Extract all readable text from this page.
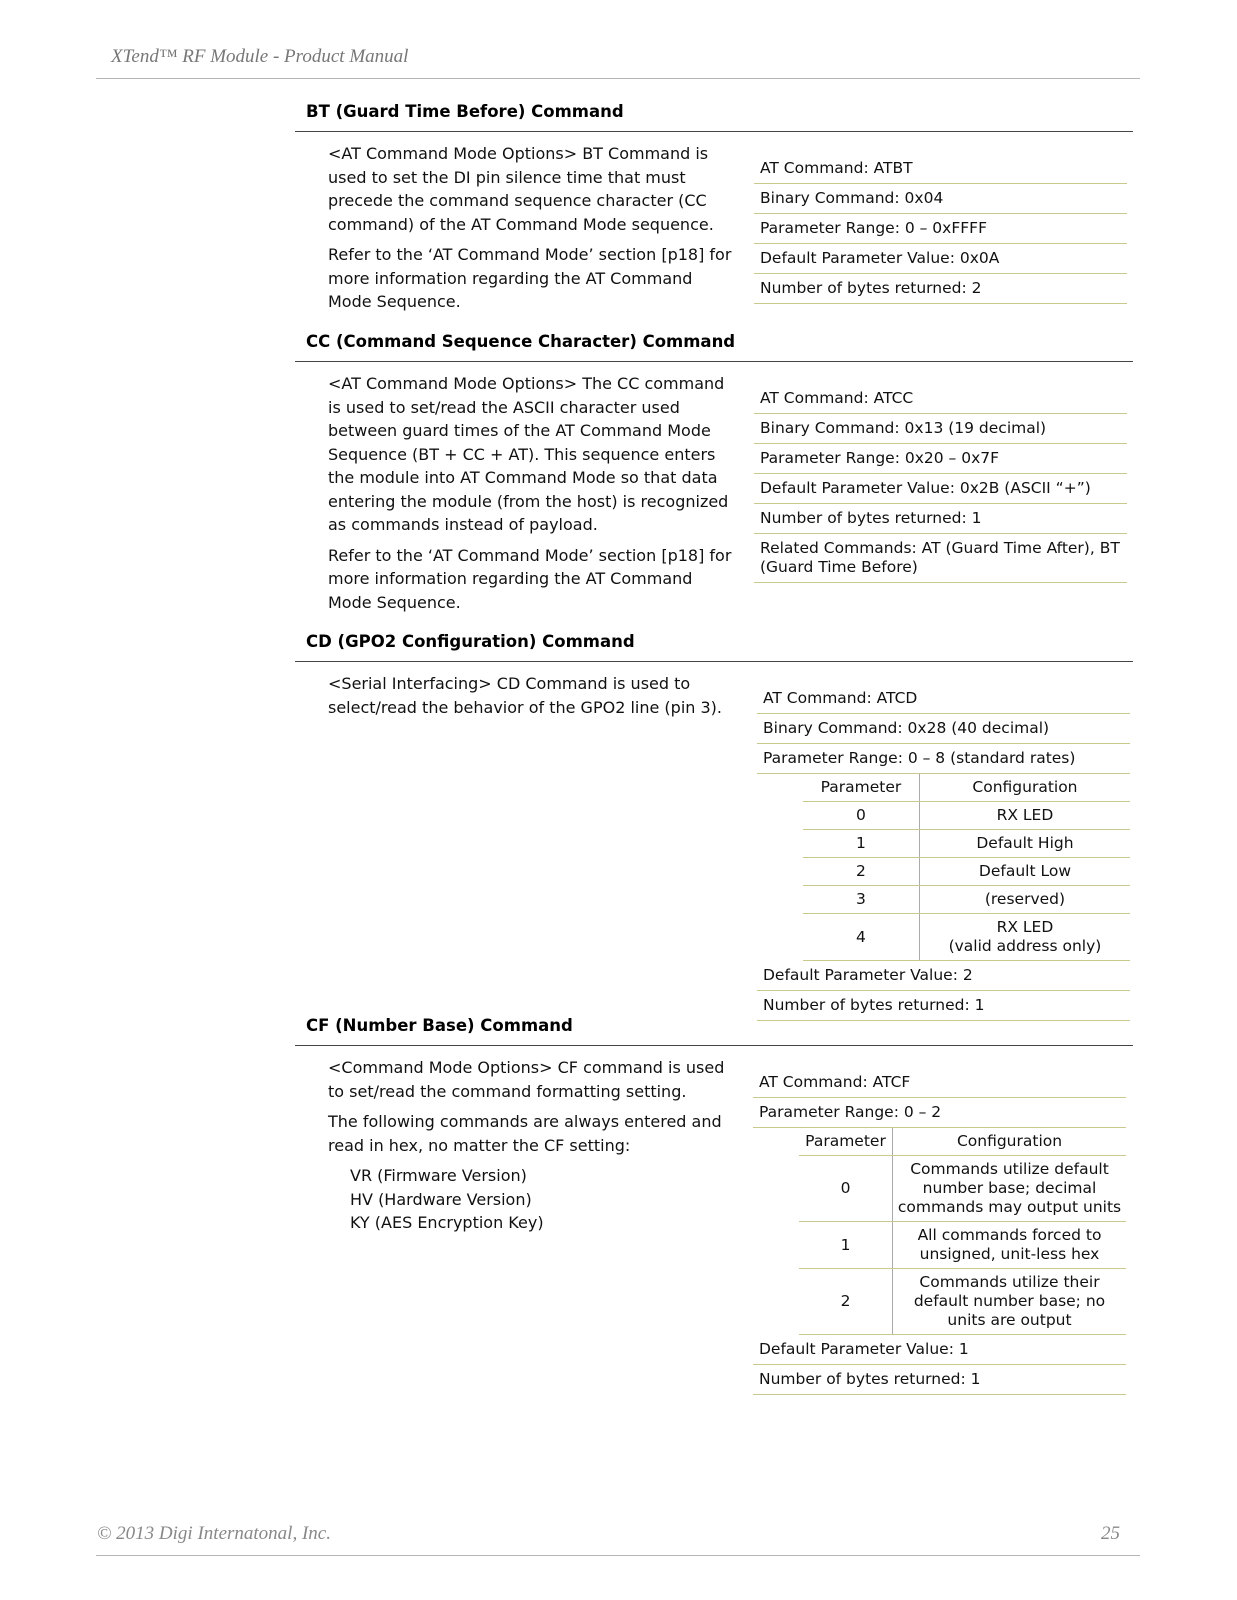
XTend™ RF Module - Product Manual
© 2013 Digi Internatonal, Inc.	25
BT (Guard Time Before) Command

<AT Command Mode Options> BT Command is used to set the DI pin silence time that must precede the command sequence character (CC command) of the AT Command Mode sequence.

Refer to the ‘AT Command Mode’ section [p18] for more information regarding the AT Command Mode Sequence.

AT Command: ATBT
Binary Command: 0x04
Parameter Range: 0 – 0xFFFF
Default Parameter Value: 0x0A
Number of bytes returned: 2
CC (Command Sequence Character) Command

<AT Command Mode Options> The CC command is used to set/read the ASCII character used between guard times of the AT Command Mode Sequence (BT + CC + AT). This sequence enters the module into AT Command Mode so that data entering the module (from the host) is recognized as commands instead of payload.

Refer to the ‘AT Command Mode’ section [p18] for more information regarding the AT Command Mode Sequence.

AT Command: ATCC
Binary Command: 0x13 (19 decimal)
Parameter Range: 0x20 – 0x7F
Default Parameter Value: 0x2B (ASCII “+”)
Number of bytes returned: 1
Related Commands: AT (Guard Time After), BT (Guard Time Before)
CD (GPO2 Configuration) Command

<Serial Interfacing> CD Command is used to select/read the behavior of the GPO2 line (pin 3).	AT Command: ATCD
Binary Command: 0x28 (40 decimal)
Parameter Range: 0 – 8 (standard rates)
Parameter	Configuration
0	RX LED
1	Default High
2	Default Low
3	(reserved)
4	RX LED
(valid address only)
Default Parameter Value: 2
Number of bytes returned: 1
CF (Number Base) Command

<Command Mode Options> CF command is used to set/read the command formatting setting.

The following commands are always entered and read in hex, no matter the CF setting:

VR (Firmware Version)
HV (Hardware Version)
KY (AES Encryption Key)
AT Command: ATCF
Parameter Range: 0 – 2
Parameter	Configuration
0	Commands utilize default number base; decimal commands may output units
1	All commands forced to unsigned, unit-less hex
2	Commands utilize their default number base; no units are output
Default Parameter Value: 1
Number of bytes returned: 1
